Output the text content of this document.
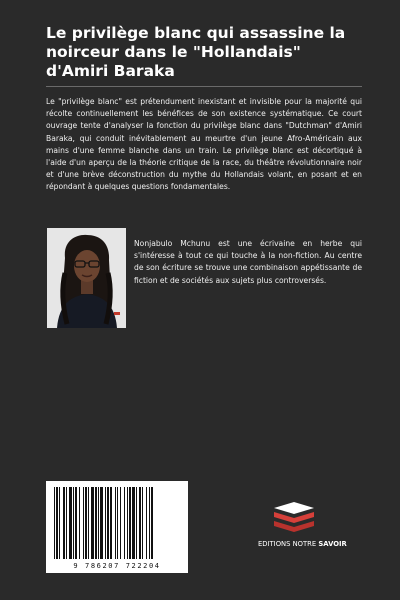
Le privilège blanc qui assassine la noirceur dans le "Hollandais" d'Amiri Baraka

Le "privilège blanc" est prétendument inexistant et invisible pour la majorité qui récolte continuellement les bénéfices de son existence systématique. Ce court ouvrage tente d'analyser la fonction du privilège blanc dans "Dutchman" d'Amiri Baraka, qui conduit inévitablement au meurtre d'un jeune Afro-Américain aux mains d'une femme blanche dans un train. Le privilège blanc est décortiqué à l'aide d'un aperçu de la théorie critique de la race, du théâtre révolutionnaire noir et d'une brève déconstruction du mythe du Hollandais volant, en posant et en répondant à quelques questions fondamentales.

Nonjabulo Mchunu est une écrivaine en herbe qui s'intéresse à tout ce qui touche à la non-fiction. Au centre de son écriture se trouve une combinaison appétissante de fiction et de sociétés aux sujets plus controversés.

9 786207 722204
EDITIONS NOTRE SAVOIR
